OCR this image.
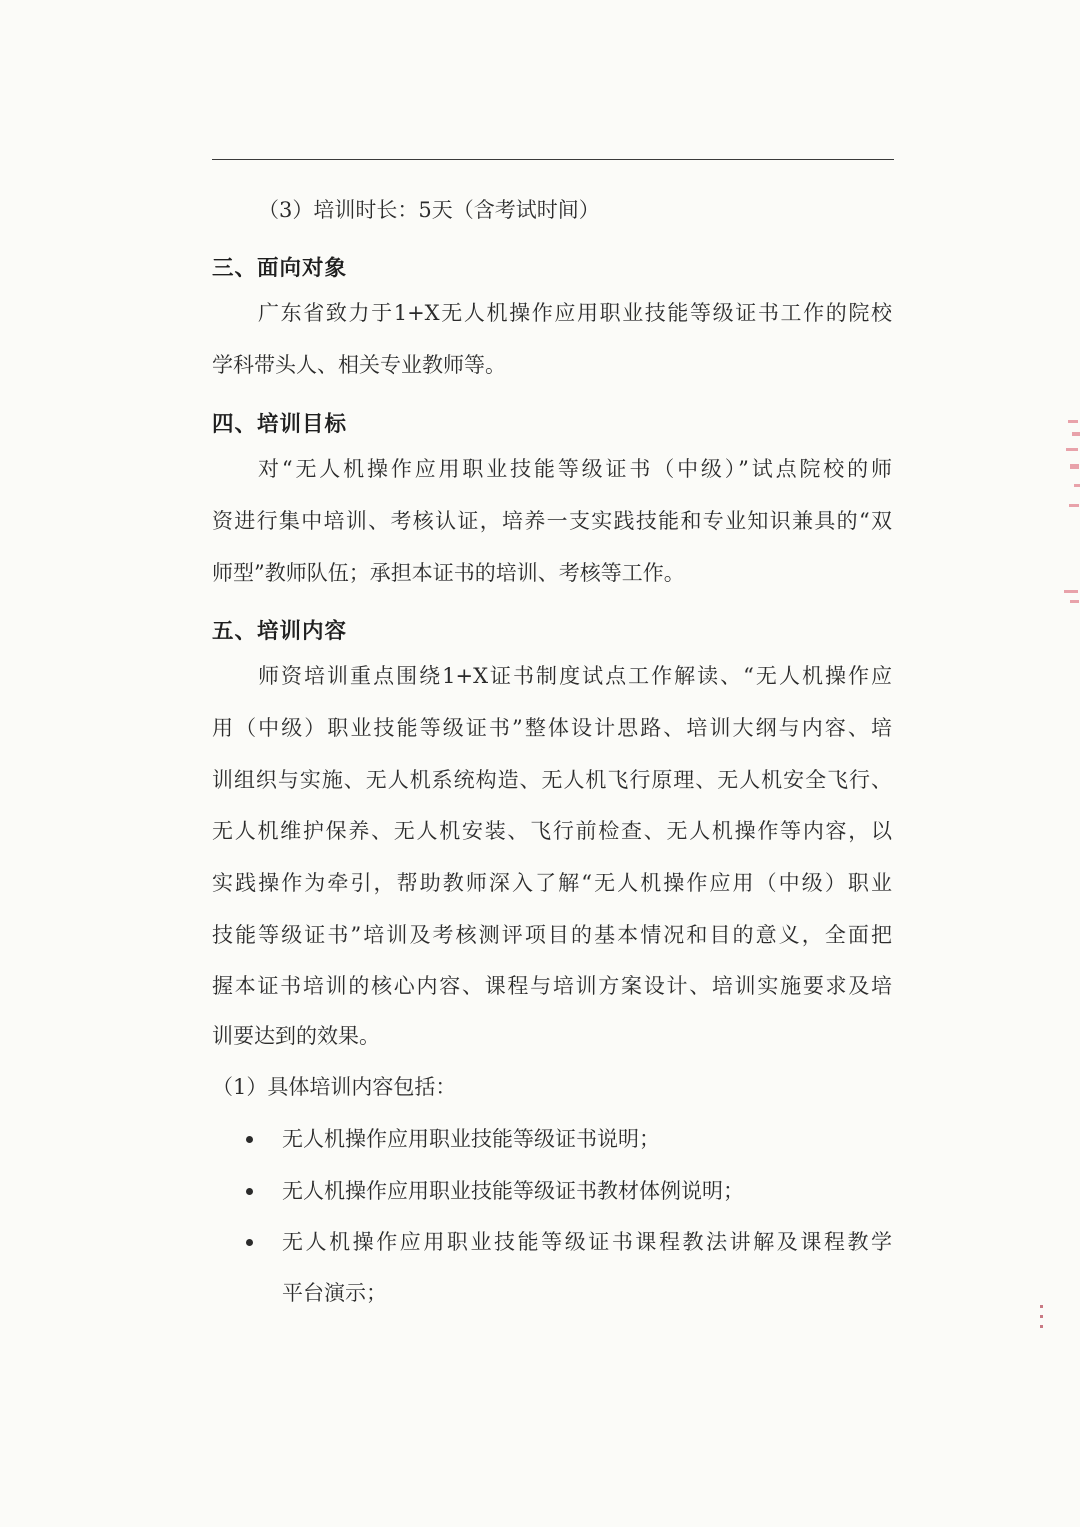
（3）培训时长：5天（含考试时间）
三、面向对象
广东省致力于1+X无人机操作应用职业技能等级证书工作的院校
学科带头人、相关专业教师等。
四、培训目标
对“无人机操作应用职业技能等级证书（中级）”试点院校的师
资进行集中培训、考核认证，培养一支实践技能和专业知识兼具的“双
师型”教师队伍；承担本证书的培训、考核等工作。
五、培训内容
师资培训重点围绕1+X证书制度试点工作解读、“无人机操作应
用（中级）职业技能等级证书”整体设计思路、培训大纲与内容、培
训组织与实施、无人机系统构造、无人机飞行原理、无人机安全飞行、
无人机维护保养、无人机安装、飞行前检查、无人机操作等内容，以
实践操作为牵引，帮助教师深入了解“无人机操作应用（中级）职业
技能等级证书”培训及考核测评项目的基本情况和目的意义，全面把
握本证书培训的核心内容、课程与培训方案设计、培训实施要求及培
训要达到的效果。
（1）具体培训内容包括：
无人机操作应用职业技能等级证书说明；
无人机操作应用职业技能等级证书教材体例说明；
无人机操作应用职业技能等级证书课程教法讲解及课程教学
平台演示；
